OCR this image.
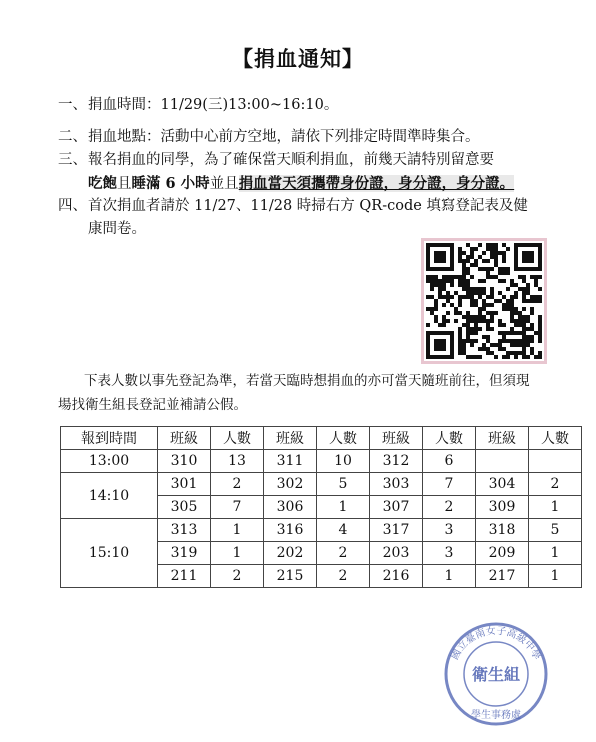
【捐血通知】
一、捐血時間：11/29(三)13:00~16:10。
二、捐血地點：活動中心前方空地，請依下列排定時間準時集合。
三、報名捐血的同學，為了確保當天順利捐血，前幾天請特別留意要
吃飽且睡滿 6 小時並且捐血當天須攜帶身份證，身分證，身分證。
四、首次捐血者請於 11/27、11/28 時掃右方 QR-code 填寫登記表及健
康問卷。
下表人數以事先登記為準，若當天臨時想捐血的亦可當天隨班前往，但須現
場找衛生組長登記並補請公假。
報到時間	班級	人數	班級	人數	班級	人數	班級	人數
13:00	310	13	311	10	312	6		
14:10	301	2	302	5	303	7	304	2
	305	7	306	1	307	2	309	1
15:10	313	1	316	4	317	3	318	5
	319	1	202	2	203	3	209	1
	211	2	215	2	216	1	217	1
國立臺南女子高級中學
衛生組
學生事務處
